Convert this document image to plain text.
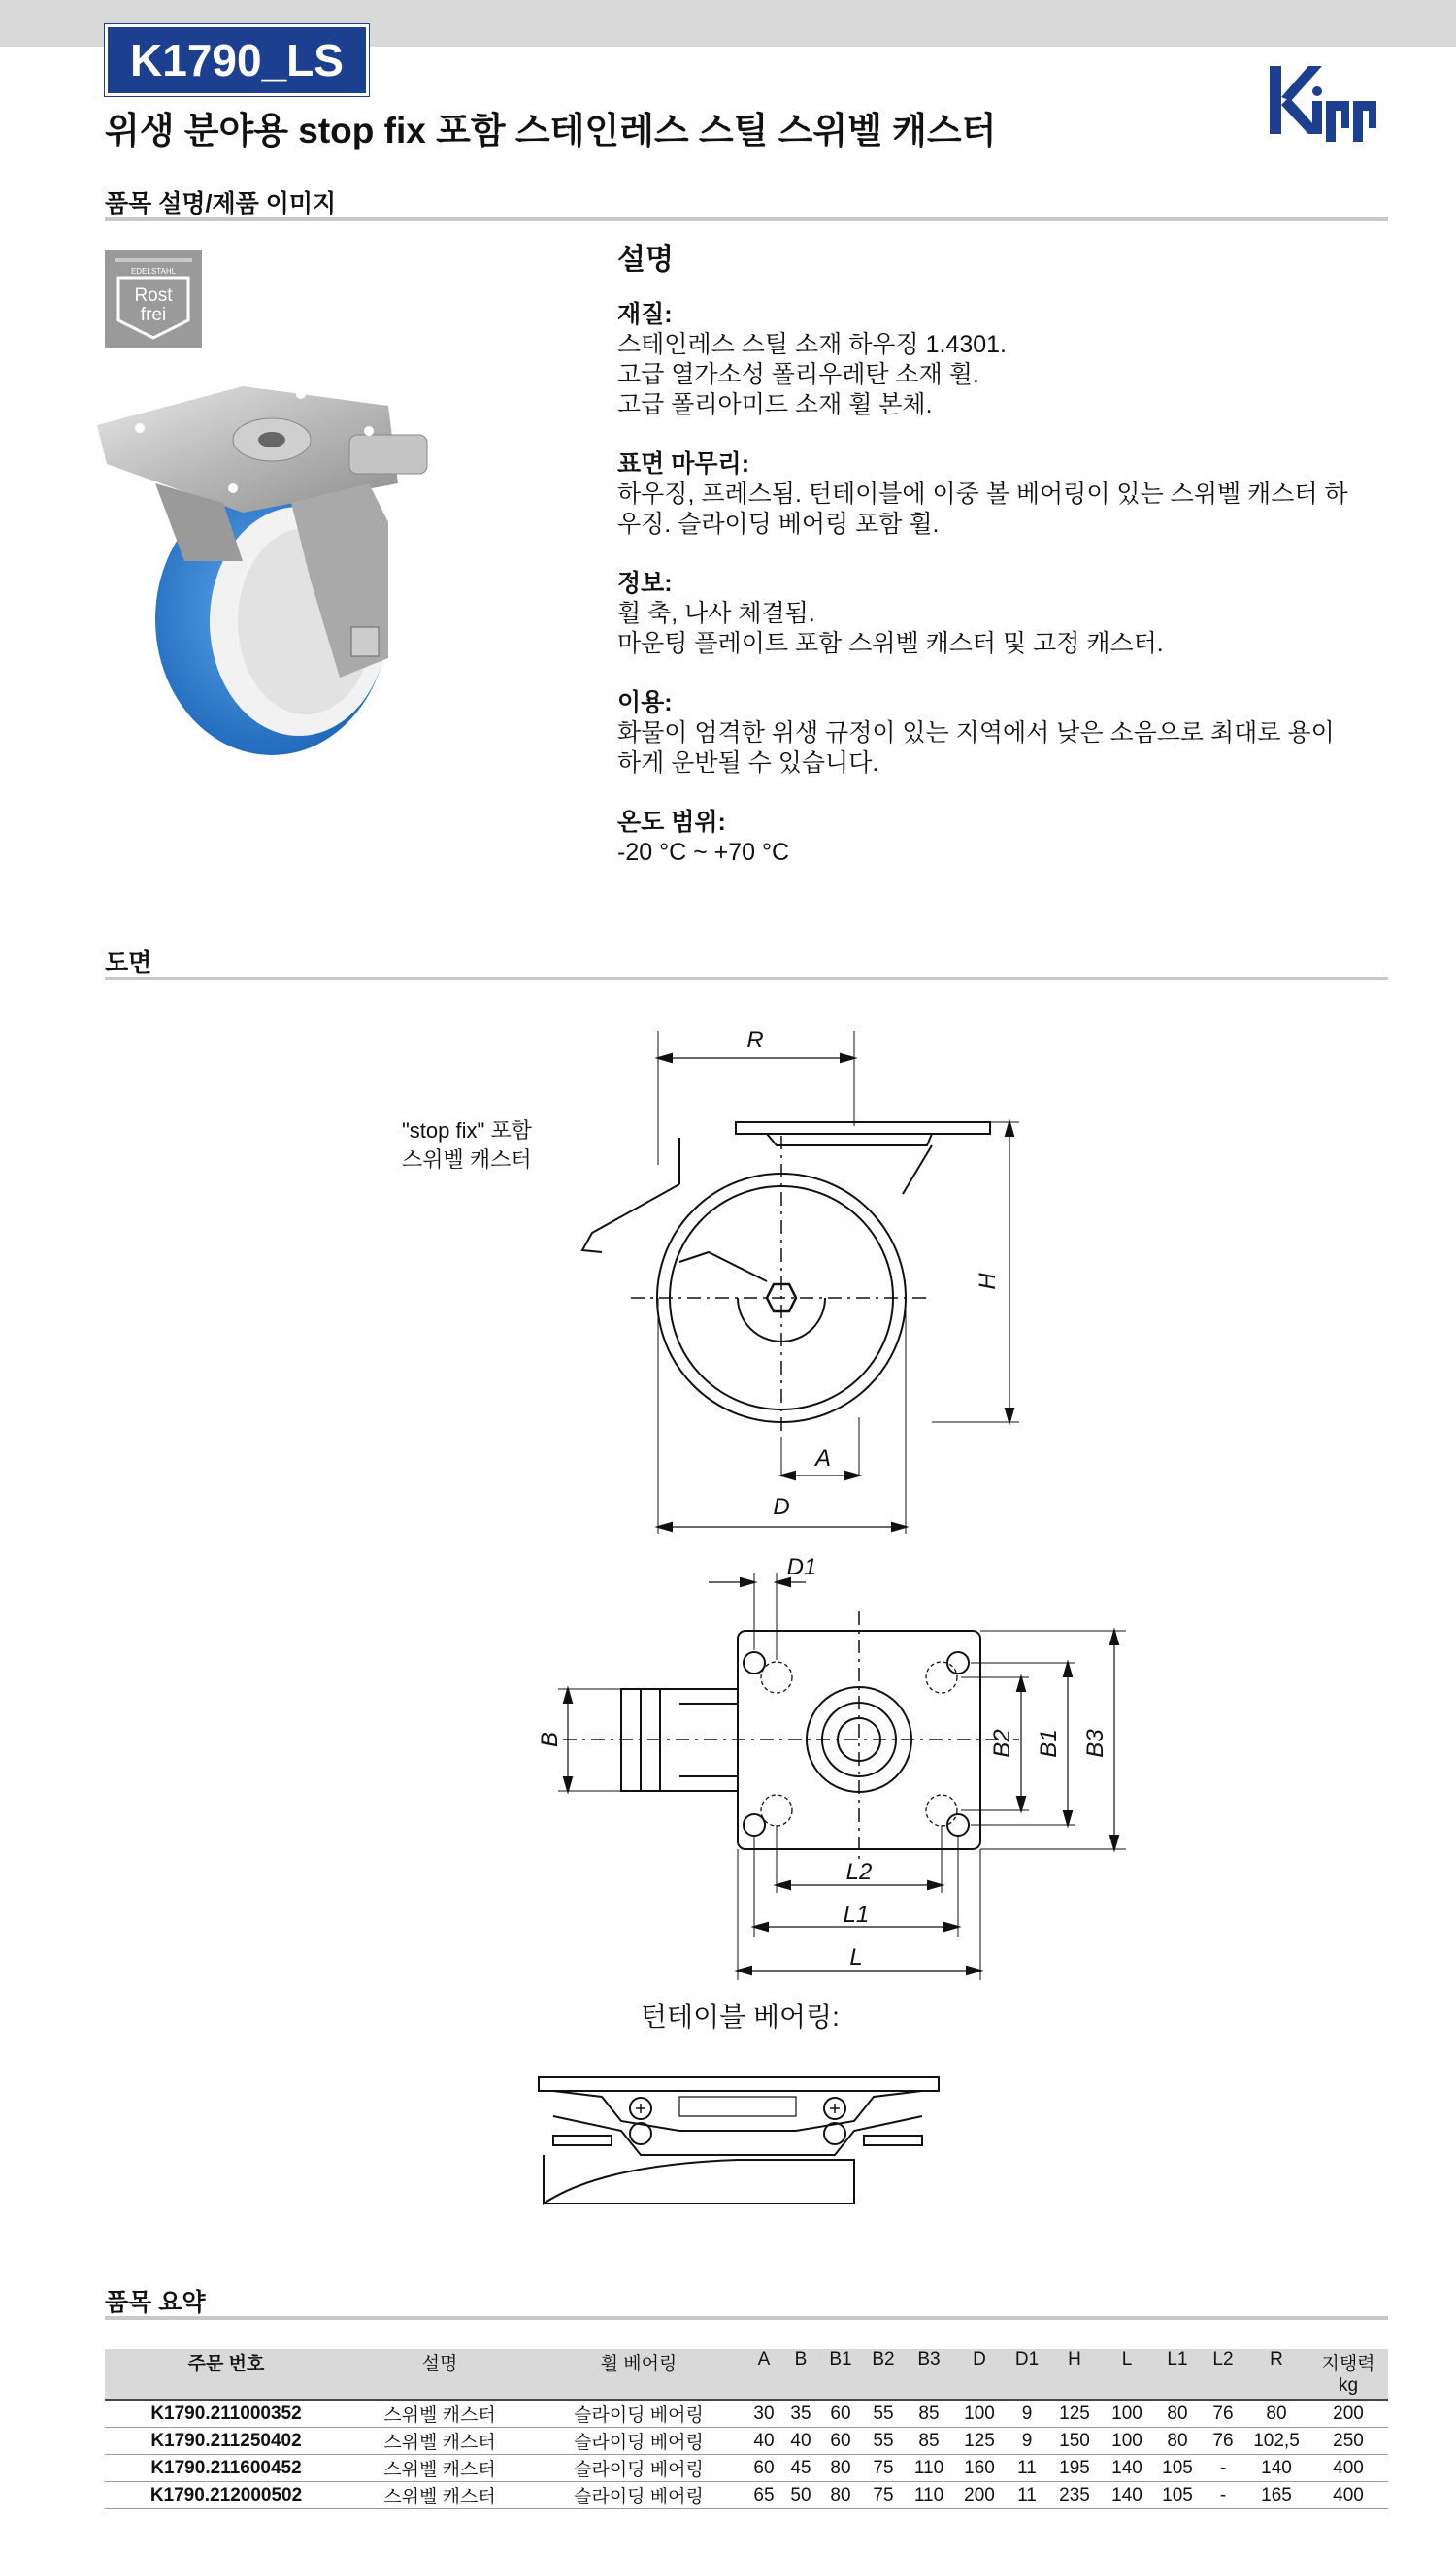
K1790_LS
위생 분야용 stop fix 포함 스테인레스 스틸 스위벨 캐스터	Kipp
품목 설명/제품 이미지
EDELSTAHL
Rost
frei
설명
재질:
스테인레스 스틸 소재 하우징 1.4301.
고급 열가소성 폴리우레탄 소재 휠.
고급 폴리아미드 소재 휠 본체.
표면 마무리:
하우징, 프레스됨. 턴테이블에 이중 볼 베어링이 있는 스위벨 캐스터 하
우징. 슬라이딩 베어링 포함 휠.
정보:
휠 축, 나사 체결됨.
마운팅 플레이트 포함 스위벨 캐스터 및 고정 캐스터.
이용:
화물이 엄격한 위생 규정이 있는 지역에서 낮은 소음으로 최대로 용이
하게 운반될 수 있습니다.
온도 범위:
-20 °C ~ +70 °C
도면
"stop fix" 포함
스위벨 캐스터
R
H
A
D
B
D1
B2 B1 B3
L2
L1
L
턴테이블 베어링:
품목 요약
주문 번호	설명	휠 베어링	A	B	B1	B2	B3	D	D1	H	L	L1	L2	R	지탱력
															kg
K1790.211000352	스위벨 캐스터	슬라이딩 베어링	30	35	60	55	85	100	9	125	100	80	76	80	200
K1790.211250402	스위벨 캐스터	슬라이딩 베어링	40	40	60	55	85	125	9	150	100	80	76	102,5	250
K1790.211600452	스위벨 캐스터	슬라이딩 베어링	60	45	80	75	110	160	11	195	140	105	-	140	400
K1790.212000502	스위벨 캐스터	슬라이딩 베어링	65	50	80	75	110	200	11	235	140	105	-	165	400
